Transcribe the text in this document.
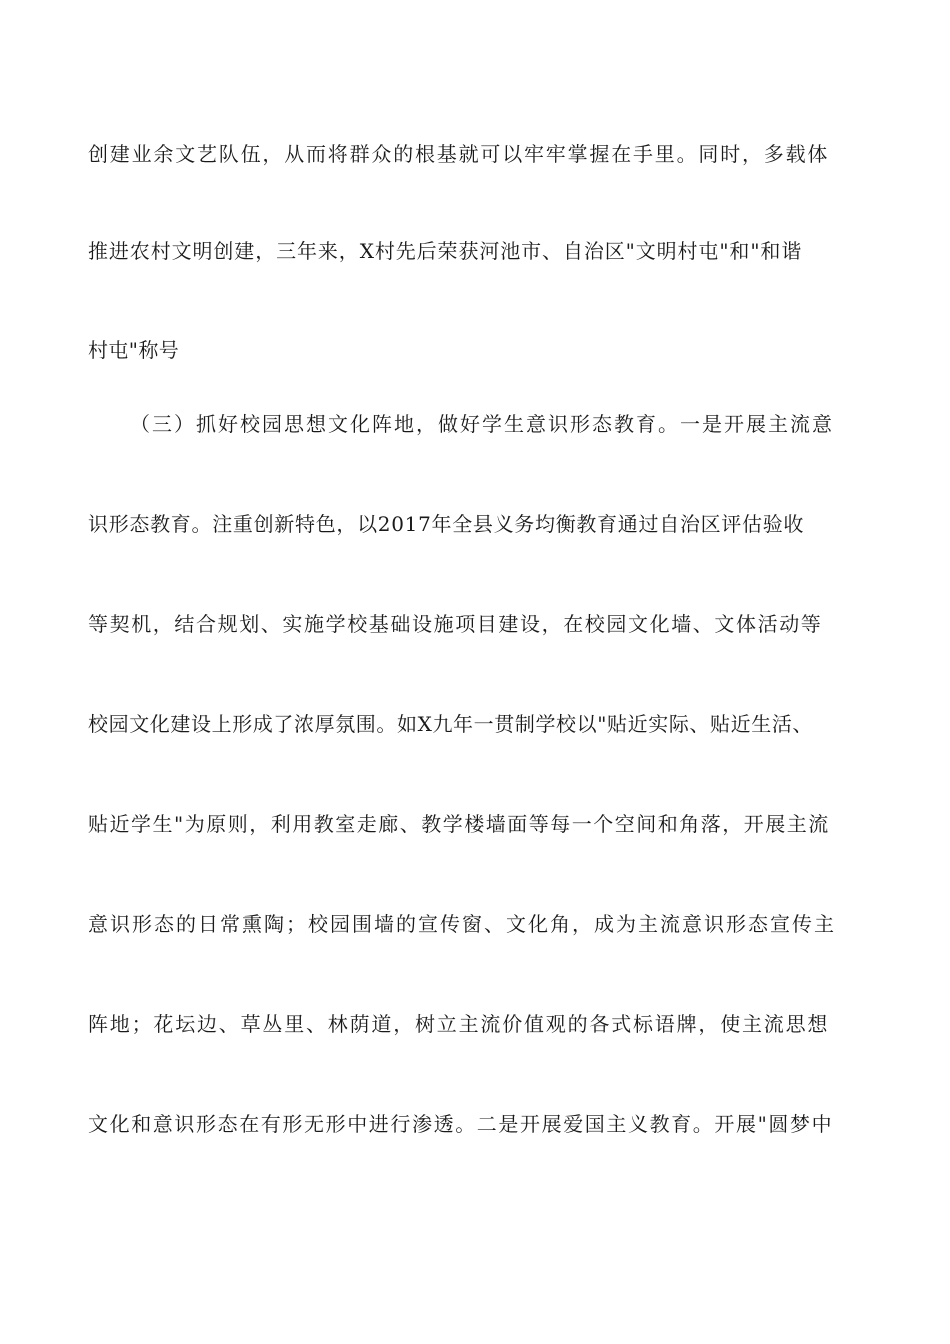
创建业余文艺队伍，从而将群众的根基就可以牢牢掌握在手里。同时，多载体
推进农村文明创建，三年来，X村先后荣获河池市、自治区"文明村屯"和"和谐
村屯"称号
（三）抓好校园思想文化阵地，做好学生意识形态教育。一是开展主流意
识形态教育。注重创新特色，以2017年全县义务均衡教育通过自治区评估验收
等契机，结合规划、实施学校基础设施项目建设，在校园文化墙、文体活动等
校园文化建设上形成了浓厚氛围。如X九年一贯制学校以"贴近实际、贴近生活、
贴近学生"为原则，利用教室走廊、教学楼墙面等每一个空间和角落，开展主流
意识形态的日常熏陶；校园围墙的宣传窗、文化角，成为主流意识形态宣传主
阵地；花坛边、草丛里、林荫道，树立主流价值观的各式标语牌，使主流思想
文化和意识形态在有形无形中进行渗透。二是开展爱国主义教育。开展"圆梦中
